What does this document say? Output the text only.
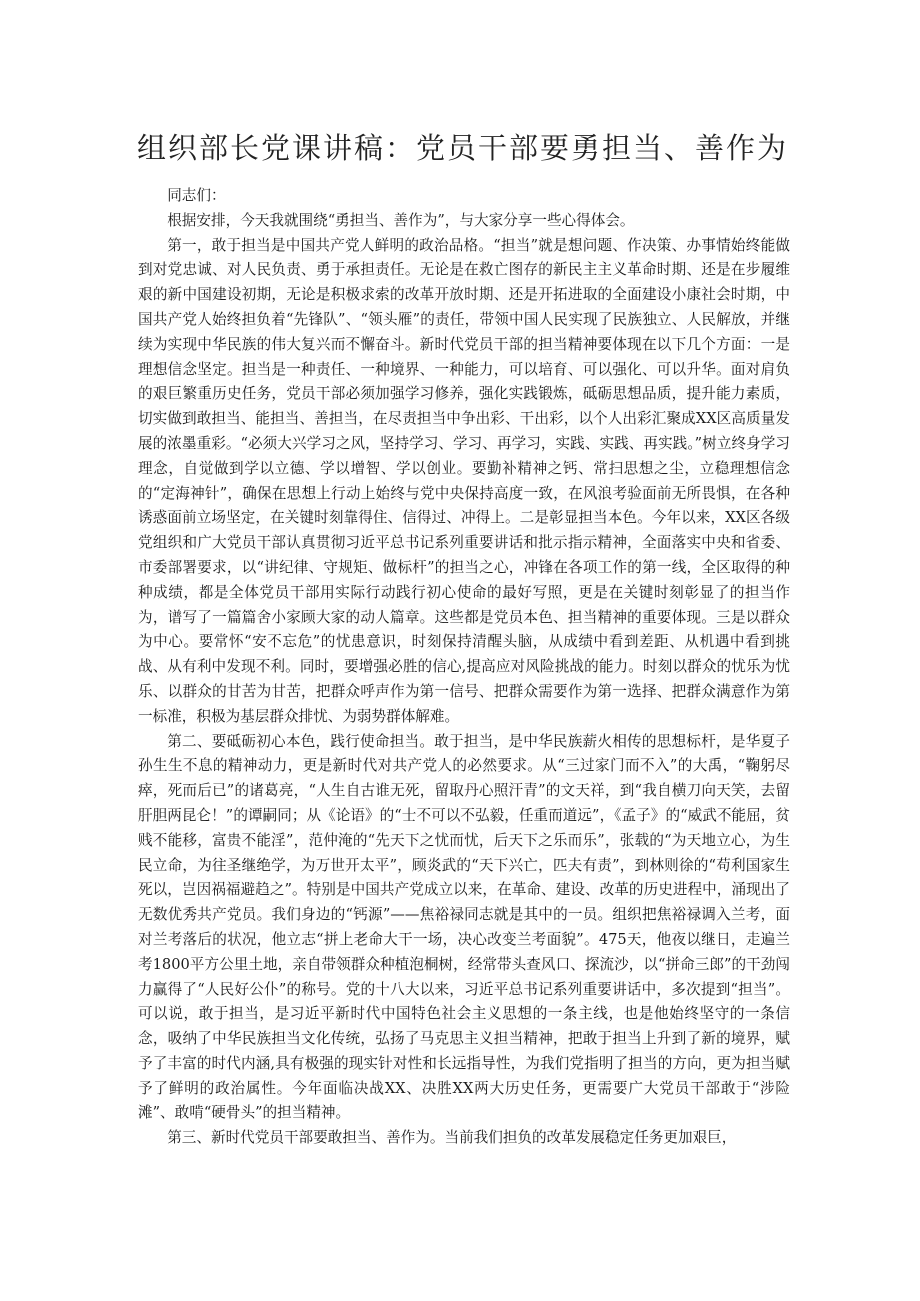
组织部长党课讲稿：党员干部要勇担当、善作为

同志们：

根据安排，今天我就围绕“勇担当、善作为”，与大家分享一些心得体会。

第一，敢于担当是中国共产党人鲜明的政治品格。“担当”就是想问题、作决策、办事情始终能做到对党忠诚、对人民负责、勇于承担责任。无论是在救亡图存的新民主主义革命时期、还是在步履维艰的新中国建设初期，无论是积极求索的改革开放时期、还是开拓进取的全面建设小康社会时期，中国共产党人始终担负着“先锋队”、“领头雁”的责任，带领中国人民实现了民族独立、人民解放，并继续为实现中华民族的伟大复兴而不懈奋斗。新时代党员干部的担当精神要体现在以下几个方面：一是理想信念坚定。担当是一种责任、一种境界、一种能力，可以培育、可以强化、可以升华。面对肩负的艰巨繁重历史任务，党员干部必须加强学习修养，强化实践锻炼，砥砺思想品质，提升能力素质，切实做到敢担当、能担当、善担当，在尽责担当中争出彩、干出彩，以个人出彩汇聚成XX区高质量发展的浓墨重彩。“必须大兴学习之风，坚持学习、学习、再学习，实践、实践、再实践。”树立终身学习理念，自觉做到学以立德、学以增智、学以创业。要勤补精神之钙、常扫思想之尘，立稳理想信念的“定海神针”，确保在思想上行动上始终与党中央保持高度一致，在风浪考验面前无所畏惧，在各种诱惑面前立场坚定，在关键时刻靠得住、信得过、冲得上。二是彰显担当本色。今年以来，XX区各级党组织和广大党员干部认真贯彻习近平总书记系列重要讲话和批示指示精神，全面落实中央和省委、市委部署要求，以“讲纪律、守规矩、做标杆”的担当之心，冲锋在各项工作的第一线，全区取得的种种成绩，都是全体党员干部用实际行动践行初心使命的最好写照，更是在关键时刻彰显了的担当作为，谱写了一篇篇舍小家顾大家的动人篇章。这些都是党员本色、担当精神的重要体现。三是以群众为中心。要常怀“安不忘危”的忧患意识，时刻保持清醒头脑，从成绩中看到差距、从机遇中看到挑战、从有利中发现不利。同时，要增强必胜的信心,提高应对风险挑战的能力。时刻以群众的忧乐为忧乐、以群众的甘苦为甘苦，把群众呼声作为第一信号、把群众需要作为第一选择、把群众满意作为第一标准，积极为基层群众排忧、为弱势群体解难。

第二、要砥砺初心本色，践行使命担当。敢于担当，是中华民族薪火相传的思想标杆，是华夏子孙生生不息的精神动力，更是新时代对共产党人的必然要求。从“三过家门而不入”的大禹，“鞠躬尽瘁，死而后已”的诸葛亮，“人生自古谁无死，留取丹心照汗青”的文天祥，到“我自横刀向天笑，去留肝胆两昆仑！”的谭嗣同；从《论语》的“士不可以不弘毅，任重而道远”，《孟子》的“威武不能屈，贫贱不能移，富贵不能淫”，范仲淹的“先天下之忧而忧，后天下之乐而乐”，张载的“为天地立心，为生民立命，为往圣继绝学，为万世开太平”，顾炎武的“天下兴亡，匹夫有责”，到林则徐的“苟利国家生死以，岂因祸福避趋之”。特别是中国共产党成立以来，在革命、建设、改革的历史进程中，涌现出了无数优秀共产党员。我们身边的“钙源”——焦裕禄同志就是其中的一员。组织把焦裕禄调入兰考，面对兰考落后的状况，他立志“拼上老命大干一场，决心改变兰考面貌”。475天，他夜以继日，走遍兰考1800平方公里土地，亲自带领群众种植泡桐树，经常带头查风口、探流沙，以“拼命三郎”的干劲闯力赢得了“人民好公仆”的称号。党的十八大以来，习近平总书记系列重要讲话中，多次提到“担当”。可以说，敢于担当，是习近平新时代中国特色社会主义思想的一条主线，也是他始终坚守的一条信念，吸纳了中华民族担当文化传统，弘扬了马克思主义担当精神，把敢于担当上升到了新的境界，赋予了丰富的时代内涵,具有极强的现实针对性和长远指导性，为我们党指明了担当的方向，更为担当赋予了鲜明的政治属性。今年面临决战XX、决胜XX两大历史任务，更需要广大党员干部敢于“涉险滩”、敢啃“硬骨头”的担当精神。

第三、新时代党员干部要敢担当、善作为。当前我们担负的改革发展稳定任务更加艰巨，
